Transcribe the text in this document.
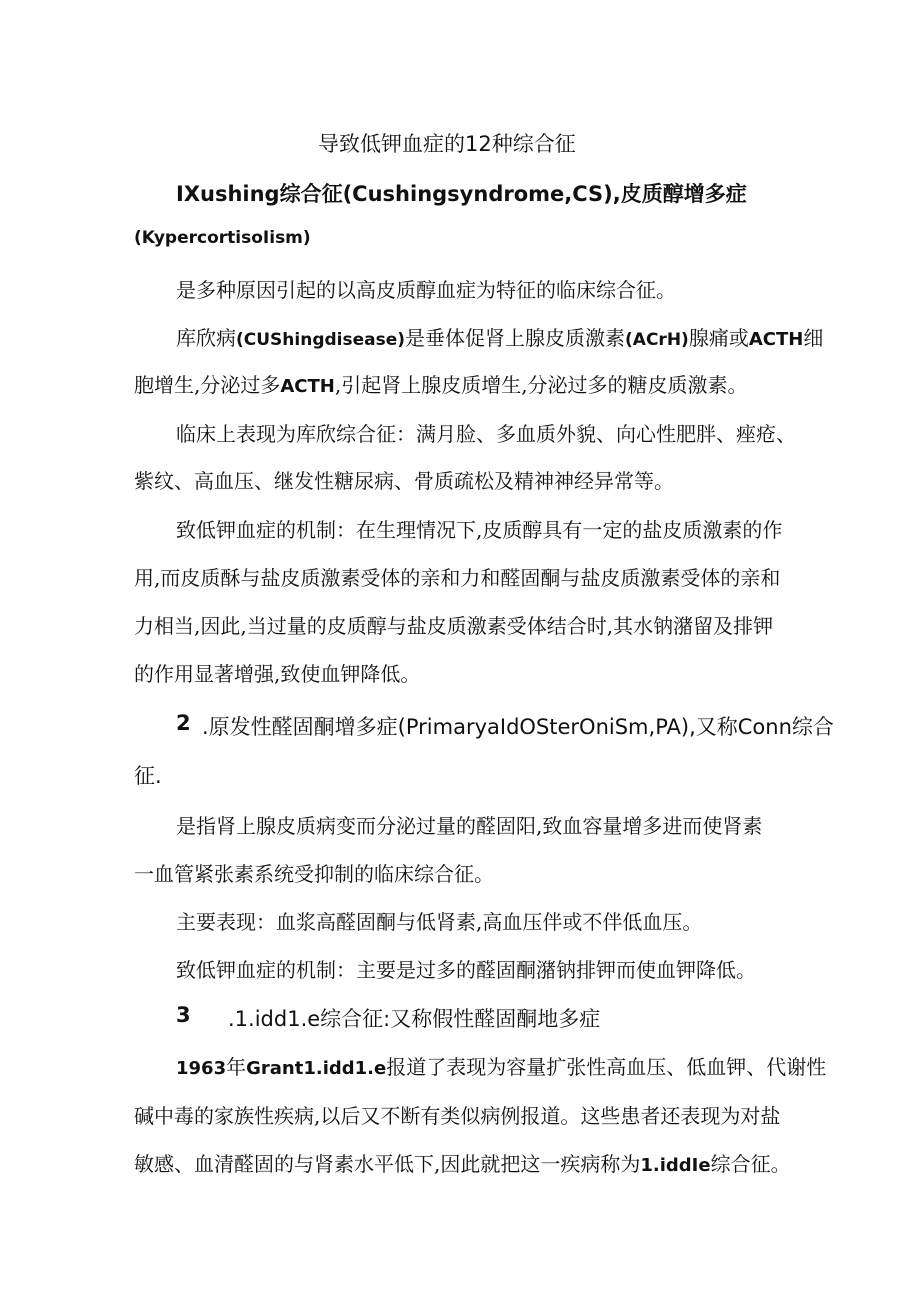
导致低钾血症的12种综合征
IXushing综合征(Cushingsyndrome,CS),皮质醇增多症
(KypercortisoIism)
是多种原因引起的以高皮质醇血症为特征的临床综合征。
库欣病(CUShingdisease)是垂体促肾上腺皮质激素(ACrH)腺痛或ACTH细
胞增生,分泌过多ACTH,引起肾上腺皮质增生,分泌过多的糖皮质激素。
临床上表现为库欣综合征：满月脸、多血质外貌、向心性肥胖、痤疮、
紫纹、高血压、继发性糖尿病、骨质疏松及精神神经异常等。
致低钾血症的机制：在生理情况下,皮质醇具有一定的盐皮质激素的作
用,而皮质酥与盐皮质激素受体的亲和力和醛固酮与盐皮质激素受体的亲和
力相当,因此,当过量的皮质醇与盐皮质激素受体结合时,其水钠潴留及排钾
的作用显著增强,致使血钾降低。
2 .原发性醛固酮增多症(PrimaryaIdOSterOniSm,PA),又称Conn综合
征.
是指肾上腺皮质病变而分泌过量的醛固阳,致血容量增多进而使肾素
一血管紧张素系统受抑制的临床综合征。
主要表现：血浆高醛固酮与低肾素,高血压伴或不伴低血压。
致低钾血症的机制：主要是过多的醛固酮潴钠排钾而使血钾降低。
3 .1.idd1.e综合征:又称假性醛固酮地多症
1963年Grant1.idd1.e报道了表现为容量扩张性高血压、低血钾、代谢性
碱中毒的家族性疾病,以后又不断有类似病例报道。这些患者还表现为对盐
敏感、血清醛固的与肾素水平低下,因此就把这一疾病称为1.iddIe综合征。
